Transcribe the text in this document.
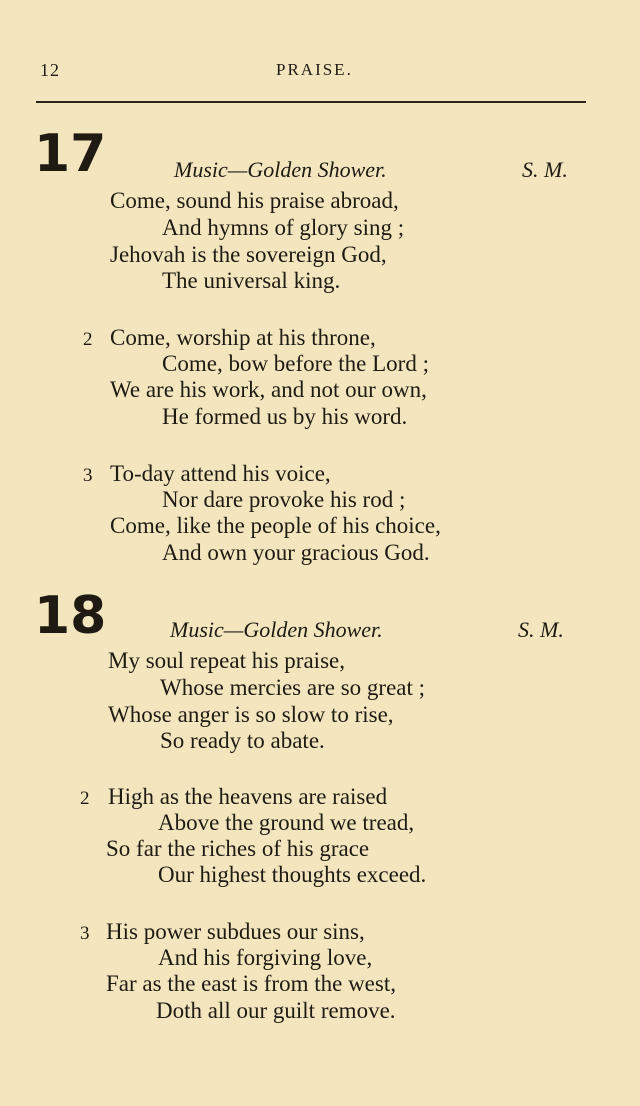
12	PRAISE.
17	Music—Golden Shower.	S. M.
Come, sound his praise abroad,
And hymns of glory sing ;
Jehovah is the sovereign God,
The universal king.
2 Come, worship at his throne,
Come, bow before the Lord ;
We are his work, and not our own,
He formed us by his word.
3 To-day attend his voice,
Nor dare provoke his rod ;
Come, like the people of his choice,
And own your gracious God.
18	Music—Golden Shower.	S. M.
My soul repeat his praise,
Whose mercies are so great ;
Whose anger is so slow to rise,
So ready to abate.
2 High as the heavens are raised
Above the ground we tread,
So far the riches of his grace
Our highest thoughts exceed.
3 His power subdues our sins,
And his forgiving love,
Far as the east is from the west,
Doth all our guilt remove.
